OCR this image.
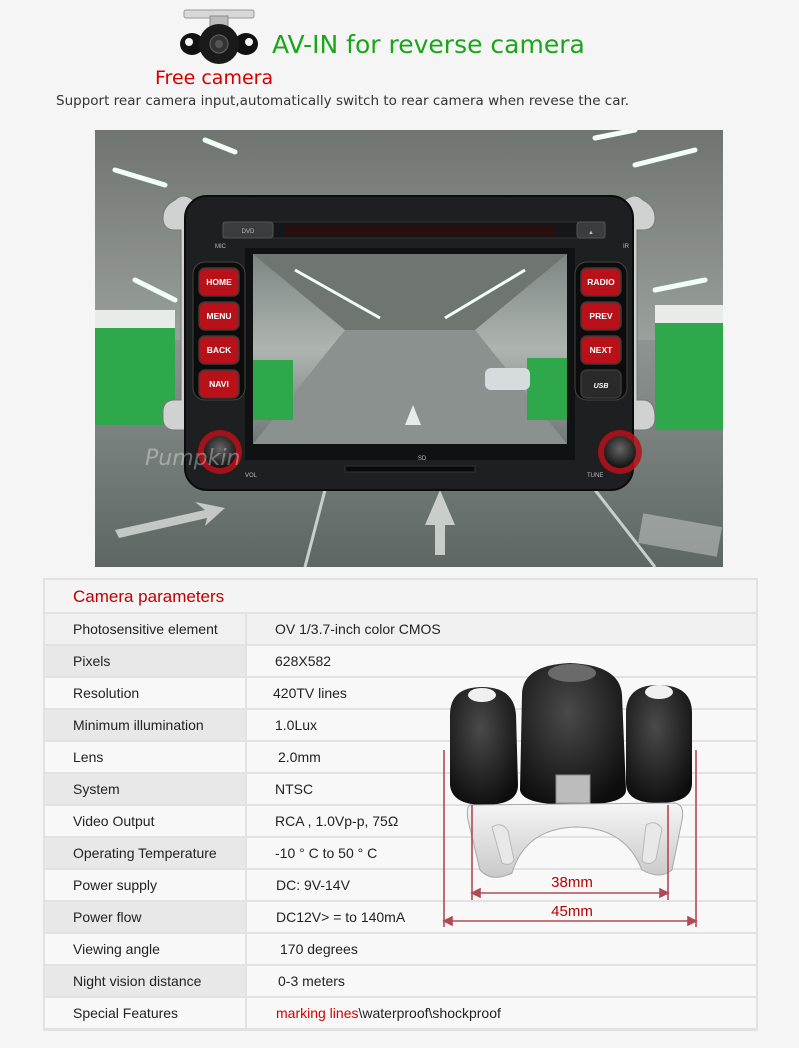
AV-IN for reverse camera
Free camera
Support rear camera input,automatically switch to rear camera when revese the car.
DVD	▲
MIC	IR
HOME
MENU
BACK
NAVI
RADIO
PREV
NEXT
USB
SD
VOL	TUNE
Pumpkin
Camera parameters
Photosensitive element	OV 1/3.7-inch color CMOS
Pixels	628X582
Resolution	420TV lines
Minimum illumination	1.0Lux
Lens	2.0mm
System	NTSC
Video Output	RCA , 1.0Vp-p, 75Ω
Operating Temperature	-10 ° C to 50 ° C
Power supply	DC: 9V-14V
Power flow	DC12V> = to 140mA
Viewing angle	170 degrees
Night vision distance	0-3 meters
Special Features	marking lines\waterproof\shockproof
38mm
45mm
